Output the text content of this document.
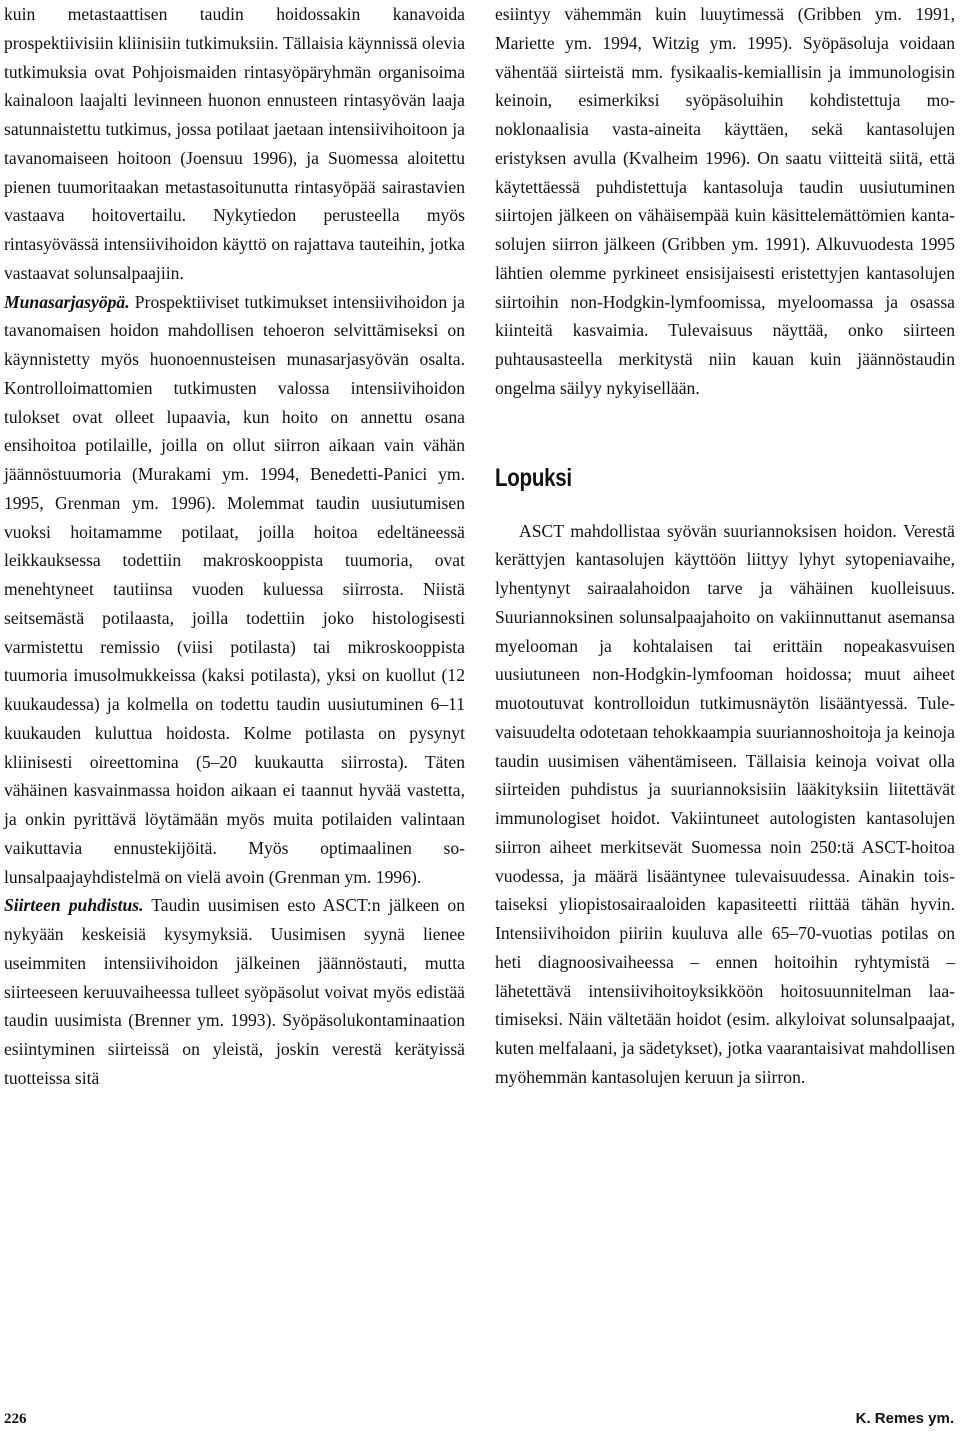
kuin metastaattisen taudin hoidossakin kanavoida prospektiivisiin kliinisiin tutkimuksiin. Tällaisia käynnissä olevia tutkimuksia ovat Pohjoismaiden rintasyöpäryhmän organisoima kainaloon laajalti levinneen huonon ennusteen rintasyövän laaja satunnaistettu tutkimus, jossa potilaat jaetaan intensiivihoitoon ja tavanomaiseen hoitoon (Joensuu 1996), ja Suomessa aloitettu pienen tuumoritaakan metastasoitunutta rintasyöpää sairastavien vastaava hoitovertailu. Nykytiedon perusteella myös rintasyövässä intensiivihoidon käyttö on rajattava tauteihin, jotka vastaavat solunsalpaajiin.

Munasarjasyöpä. Prospektiiviset tutkimukset intensiivihoidon ja tavanomaisen hoidon mahdollisen tehoeron selvittämiseksi on käynnistetty myös huonoennusteisen munasarjasyövän osalta. Kontrolloimattomien tutkimusten valossa intensiivihoidon tulokset ovat olleet lupaavia, kun hoito on annettu osana ensihoitoa potilaille, joilla on ollut siirron aikaan vain vähän jäännöstuumoria (Murakami ym. 1994, Benedetti-Panici ym. 1995, Grenman ym. 1996). Molemmat taudin uusiutumisen vuoksi hoitamamme potilaat, joilla hoitoa edeltäneessä leikkauksessa todettiin makroskooppista tuumoria, ovat menehtyneet tautiinsa vuoden kuluessa siirrosta. Niistä seitsemästä potilaasta, joilla todettiin joko histologisesti varmistettu remissio (viisi potilasta) tai mikroskooppista tuumoria imusolmukkeissa (kaksi potilasta), yksi on kuollut (12 kuukaudessa) ja kolmella on todettu taudin uusiutuminen 6–11 kuukauden kuluttua hoidosta. Kolme potilasta on pysynyt kliinisesti oireettomina (5–20 kuukautta siirrosta). Täten vähäinen kasvainmassa hoidon aikaan ei taannut hyvää vastetta, ja onkin pyrittävä löytämään myös muita potilaiden valintaan vaikuttavia ennustekijöitä. Myös optimaalinen solunsalpaajayhdistelmä on vielä avoin (Grenman ym. 1996).

Siirteen puhdistus. Taudin uusimisen esto ASCT:n jälkeen on nykyään keskeisiä kysymyksiä. Uusimisen syynä lienee useimmiten intensiivihoidon jälkeinen jäännöstauti, mutta siirteeseen keruuvaiheessa tulleet syöpäsolut voivat myös edistää taudin uusimista (Brenner ym. 1993). Syöpäsolukontaminaation esiintyminen siirteissä on yleistä, joskin verestä kerätyissä tuotteissa sitä

esiintyy vähemmän kuin luuytimessä (Gribben ym. 1991, Mariette ym. 1994, Witzig ym. 1995). Syöpäsoluja voidaan vähentää siirteistä mm. fysikaalis-kemiallisin ja immunologisin keinoin, esimerkiksi syöpäsoluihin kohdistettuja monoklonaalisia vasta-aineita käyttäen, sekä kantasolujen eristyksen avulla (Kvalheim 1996). On saatu viitteitä siitä, että käytettäessä puhdistettuja kantasoluja taudin uusiutuminen siirtojen jälkeen on vähäisempää kuin käsittelemättömien kantasolujen siirron jälkeen (Gribben ym. 1991). Alkuvuodesta 1995 lähtien olemme pyrkineet ensisijaisesti eristettyjen kantasolujen siirtoihin non-Hodgkin-lymfoomissa, myeloomassa ja osassa kiinteitä kasvaimia. Tulevaisuus näyttää, onko siirteen puhtausasteella merkitystä niin kauan kuin jäännöstaudin ongelma säilyy nykyisellään.

Lopuksi

ASCT mahdollistaa syövän suuriannoksisen hoidon. Verestä kerättyjen kantasolujen käyttöön liittyy lyhyt sytopeniavaihe, lyhentynyt sairaalahoidon tarve ja vähäinen kuolleisuus. Suuriannoksinen solunsalpaajahoito on vakiinnuttanut asemansa myelooman ja kohtalaisen tai erittäin nopeakasvuisen uusiutuneen non-Hodgkin-lymfooman hoidossa; muut aiheet muotoutuvat kontrolloidun tutkimusnäytön lisääntyessä. Tulevaisuudelta odotetaan tehokkaampia suuriannoshoitoja ja keinoja taudin uusimisen vähentämiseen. Tällaisia keinoja voivat olla siirteiden puhdistus ja suuriannoksisiin lääkityksiin liitettävät immunologiset hoidot. Vakiintuneet autologisten kantasolujen siirron aiheet merkitsevät Suomessa noin 250:tä ASCT-hoitoa vuodessa, ja määrä lisääntynee tulevaisuudessa. Ainakin toistaiseksi yliopistosairaaloiden kapasiteetti riittää tähän hyvin. Intensiivihoidon piiriin kuuluva alle 65–70-vuotias potilas on heti diagnoosivaiheessa – ennen hoitoihin ryhtymistä – lähetettävä intensiivihoitoyksikköön hoitosuunnitelman laatimiseksi. Näin vältetään hoidot (esim. alkyloivat solunsalpaajat, kuten melfalaani, ja sädetykset), jotka vaarantaisivat mahdollisen myöhemmän kantasolujen keruun ja siirron.

226	K. Remes ym.
